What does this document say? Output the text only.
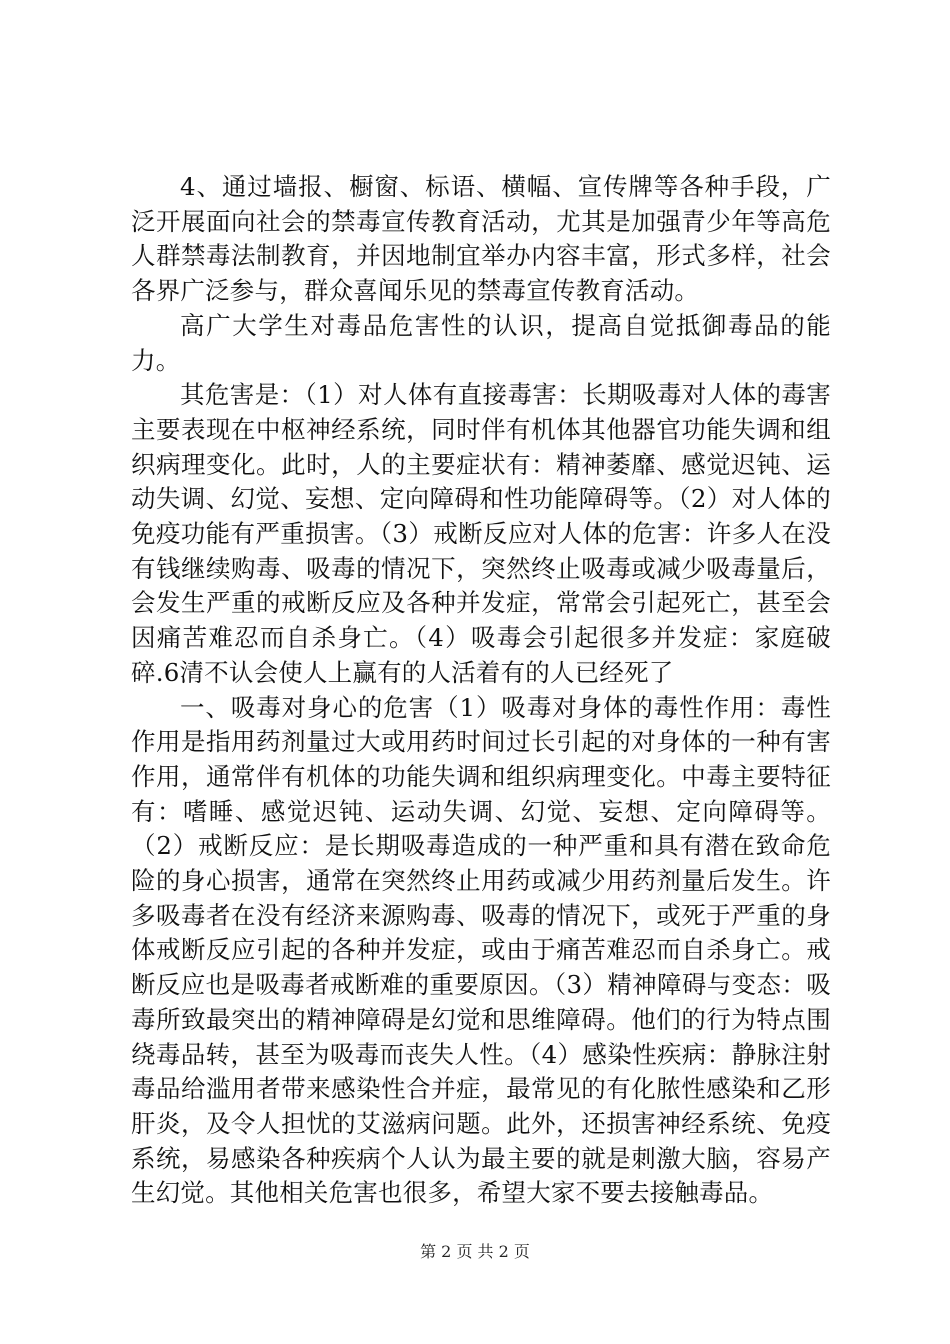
4、通过墙报、橱窗、标语、横幅、宣传牌等各种手段，广泛开展面向社会的禁毒宣传教育活动，尤其是加强青少年等高危人群禁毒法制教育，并因地制宜举办内容丰富，形式多样，社会各界广泛参与，群众喜闻乐见的禁毒宣传教育活动。

高广大学生对毒品危害性的认识，提高自觉抵御毒品的能力。

其危害是：（1）对人体有直接毒害：长期吸毒对人体的毒害主要表现在中枢神经系统，同时伴有机体其他器官功能失调和组织病理变化。此时，人的主要症状有：精神萎靡、感觉迟钝、运动失调、幻觉、妄想、定向障碍和性功能障碍等。（2）对人体的免疫功能有严重损害。（3）戒断反应对人体的危害：许多人在没有钱继续购毒、吸毒的情况下，突然终止吸毒或减少吸毒量后，会发生严重的戒断反应及各种并发症，常常会引起死亡，甚至会因痛苦难忍而自杀身亡。（4）吸毒会引起很多并发症：家庭破碎.6清不认会使人上赢有的人活着有的人已经死了

一、吸毒对身心的危害（1）吸毒对身体的毒性作用：毒性作用是指用药剂量过大或用药时间过长引起的对身体的一种有害作用，通常伴有机体的功能失调和组织病理变化。中毒主要特征有：嗜睡、感觉迟钝、运动失调、幻觉、妄想、定向障碍等。（2）戒断反应：是长期吸毒造成的一种严重和具有潜在致命危险的身心损害，通常在突然终止用药或减少用药剂量后发生。许多吸毒者在没有经济来源购毒、吸毒的情况下，或死于严重的身体戒断反应引起的各种并发症，或由于痛苦难忍而自杀身亡。戒断反应也是吸毒者戒断难的重要原因。（3）精神障碍与变态：吸毒所致最突出的精神障碍是幻觉和思维障碍。他们的行为特点围绕毒品转，甚至为吸毒而丧失人性。（4）感染性疾病：静脉注射毒品给滥用者带来感染性合并症，最常见的有化脓性感染和乙形肝炎，及令人担忧的艾滋病问题。此外，还损害神经系统、免疫系统，易感染各种疾病个人认为最主要的就是刺激大脑，容易产生幻觉。其他相关危害也很多，希望大家不要去接触毒品。

第 2 页 共 2 页
